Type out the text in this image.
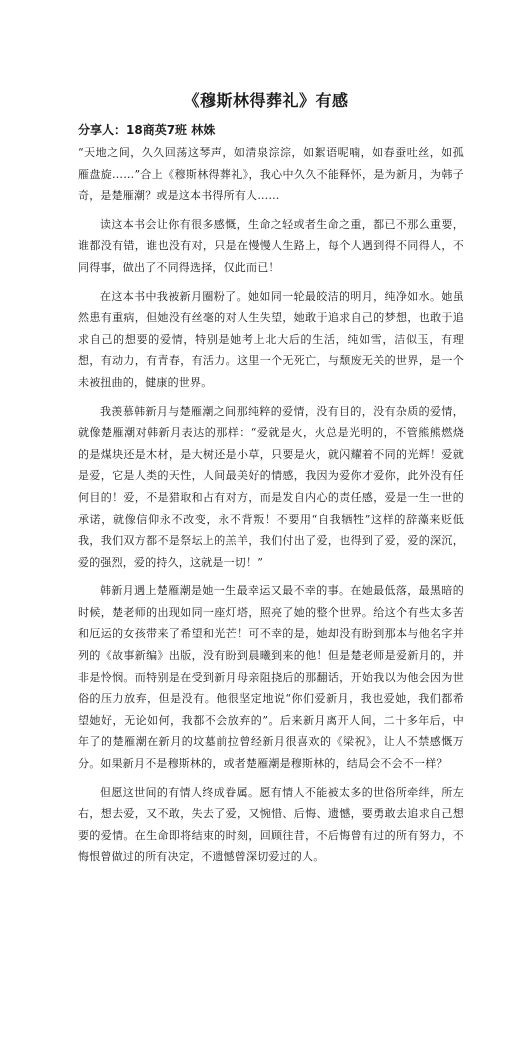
《穆斯林得葬礼》有感
分享人：18商英7班 林姝

“天地之间，久久回荡这琴声，如清泉淙淙，如絮语呢喃，如春蚕吐丝，如孤雁盘旋……”合上《穆斯林得葬礼》，我心中久久不能释怀，是为新月，为韩子奇，是楚雁潮？或是这本书得所有人……

读这本书会让你有很多感慨，生命之轻或者生命之重，都已不那么重要，谁都没有错，谁也没有对，只是在慢慢人生路上，每个人遇到得不同得人，不同得事，做出了不同得选择，仅此而已！

在这本书中我被新月圈粉了。她如同一轮最皎洁的明月，纯净如水。她虽然患有重病，但她没有丝毫的对人生失望，她敢于追求自己的梦想，也敢于追求自己的想要的爱情，特别是她考上北大后的生活，纯如雪，洁似玉，有理想，有动力，有青春，有活力。这里一个无死亡，与颓废无关的世界，是一个未被扭曲的，健康的世界。

我羡慕韩新月与楚雁潮之间那纯粹的爱情，没有目的，没有杂质的爱情，就像楚雁潮对韩新月表达的那样：“爱就是火，火总是光明的，不管熊熊燃烧的是煤块还是木材，是大树还是小草，只要是火，就闪耀着不同的光辉！爱就是爱，它是人类的天性，人间最美好的情感，我因为爱你才爱你，此外没有任何目的！爱，不是猎取和占有对方，而是发自内心的责任感，爱是一生一世的承诺，就像信仰永不改变，永不背叛！不要用“自我牺牲”这样的辞藻来贬低我，我们双方都不是祭坛上的羔羊，我们付出了爱，也得到了爱，爱的深沉，爱的强烈，爱的持久，这就是一切！”

韩新月遇上楚雁潮是她一生最幸运又最不幸的事。在她最低落，最黑暗的时候，楚老师的出现如同一座灯塔，照亮了她的整个世界。给这个有些太多苦和厄运的女孩带来了希望和光芒！可不幸的是，她却没有盼到那本与他名字并列的《故事新编》出版，没有盼到晨曦到来的他！但是楚老师是爱新月的，并非是怜悯。而特别是在受到新月母亲阻挠后的那翻话，开始我以为他会因为世俗的压力放弃，但是没有。他很坚定地说“你们爱新月，我也爱她，我们都希望她好，无论如何，我都不会放弃的”。后来新月离开人间，二十多年后，中年了的楚雁潮在新月的坟墓前拉曾经新月很喜欢的《梁祝》，让人不禁感慨万分。如果新月不是穆斯林的，或者楚雁潮是穆斯林的，结局会不会不一样？

但愿这世间的有情人终成眷属。愿有情人不能被太多的世俗所牵绊，所左右，想去爱，又不敢，失去了爱，又惋惜、后悔、遗憾，要勇敢去追求自己想要的爱情。在生命即将结束的时刻，回顾往昔，不后悔曾有过的所有努力，不悔恨曾做过的所有决定，不遗憾曾深切爱过的人。
